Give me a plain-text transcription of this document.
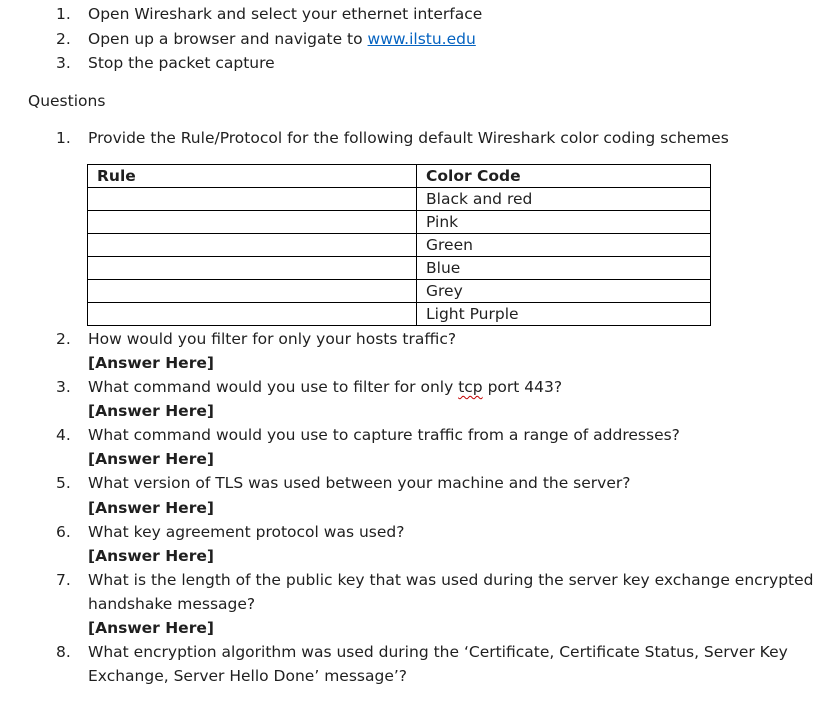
1.	Open Wireshark and select your ethernet interface
2.	Open up a browser and navigate to www.ilstu.edu
3.	Stop the packet capture
Questions
1.	Provide the Rule/Protocol for the following default Wireshark color coding schemes
Rule	Color Code
	Black and red
	Pink
	Green
	Blue
	Grey
	Light Purple
2.	How would you filter for only your hosts traffic?
[Answer Here]
3.	What command would you use to filter for only tcp port 443?
[Answer Here]
4.	What command would you use to capture traffic from a range of addresses?
[Answer Here]
5.	What version of TLS was used between your machine and the server?
[Answer Here]
6.	What key agreement protocol was used?
[Answer Here]
7.	What is the length of the public key that was used during the server key exchange encrypted
handshake message?
[Answer Here]
8.	What encryption algorithm was used during the ‘Certificate, Certificate Status, Server Key
Exchange, Server Hello Done’ message’?
